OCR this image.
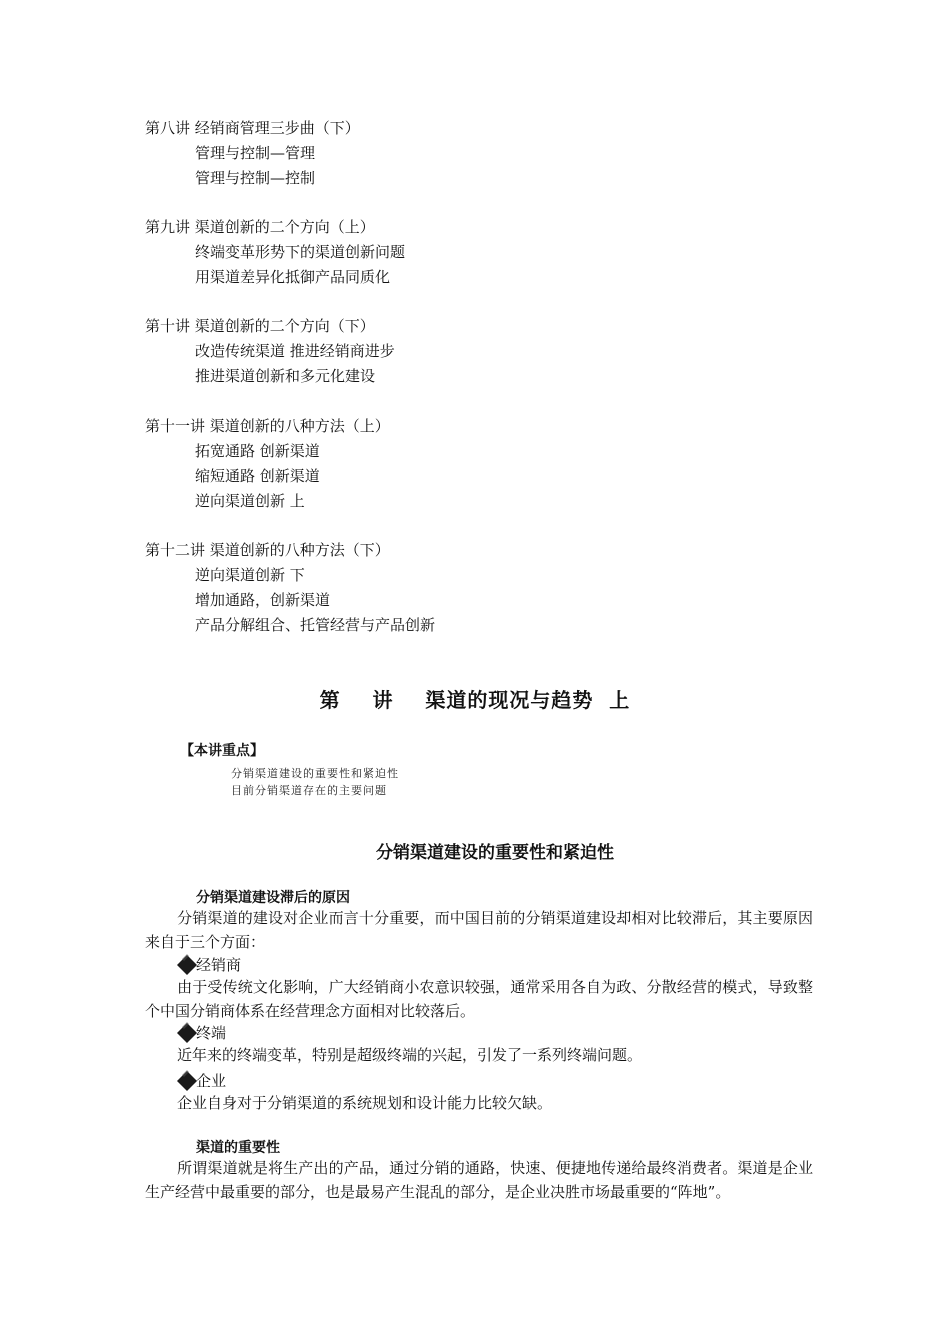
第八讲 经销商管理三步曲（下）
管理与控制—管理
管理与控制—控制
第九讲 渠道创新的二个方向（上）
终端变革形势下的渠道创新问题
用渠道差异化抵御产品同质化
第十讲 渠道创新的二个方向（下）
改造传统渠道 推进经销商进步
推进渠道创新和多元化建设
第十一讲 渠道创新的八种方法（上）
拓宽通路 创新渠道
缩短通路 创新渠道
逆向渠道创新 上
第十二讲 渠道创新的八种方法（下）
逆向渠道创新 下
增加通路，创新渠道
产品分解组合、托管经营与产品创新
第    讲    渠道的现况与趋势  上
【本讲重点】
分销渠道建设的重要性和紧迫性
目前分销渠道存在的主要问题
分销渠道建设的重要性和紧迫性
分销渠道建设滞后的原因
分销渠道的建设对企业而言十分重要，而中国目前的分销渠道建设却相对比较滞后，其主要原因来自于三个方面：
经销商
由于受传统文化影响，广大经销商小农意识较强，通常采用各自为政、分散经营的模式，导致整个中国分销商体系在经营理念方面相对比较落后。
终端
近年来的终端变革，特别是超级终端的兴起，引发了一系列终端问题。
企业
企业自身对于分销渠道的系统规划和设计能力比较欠缺。
渠道的重要性
所谓渠道就是将生产出的产品，通过分销的通路，快速、便捷地传递给最终消费者。渠道是企业生产经营中最重要的部分，也是最易产生混乱的部分，是企业决胜市场最重要的“阵地”。
